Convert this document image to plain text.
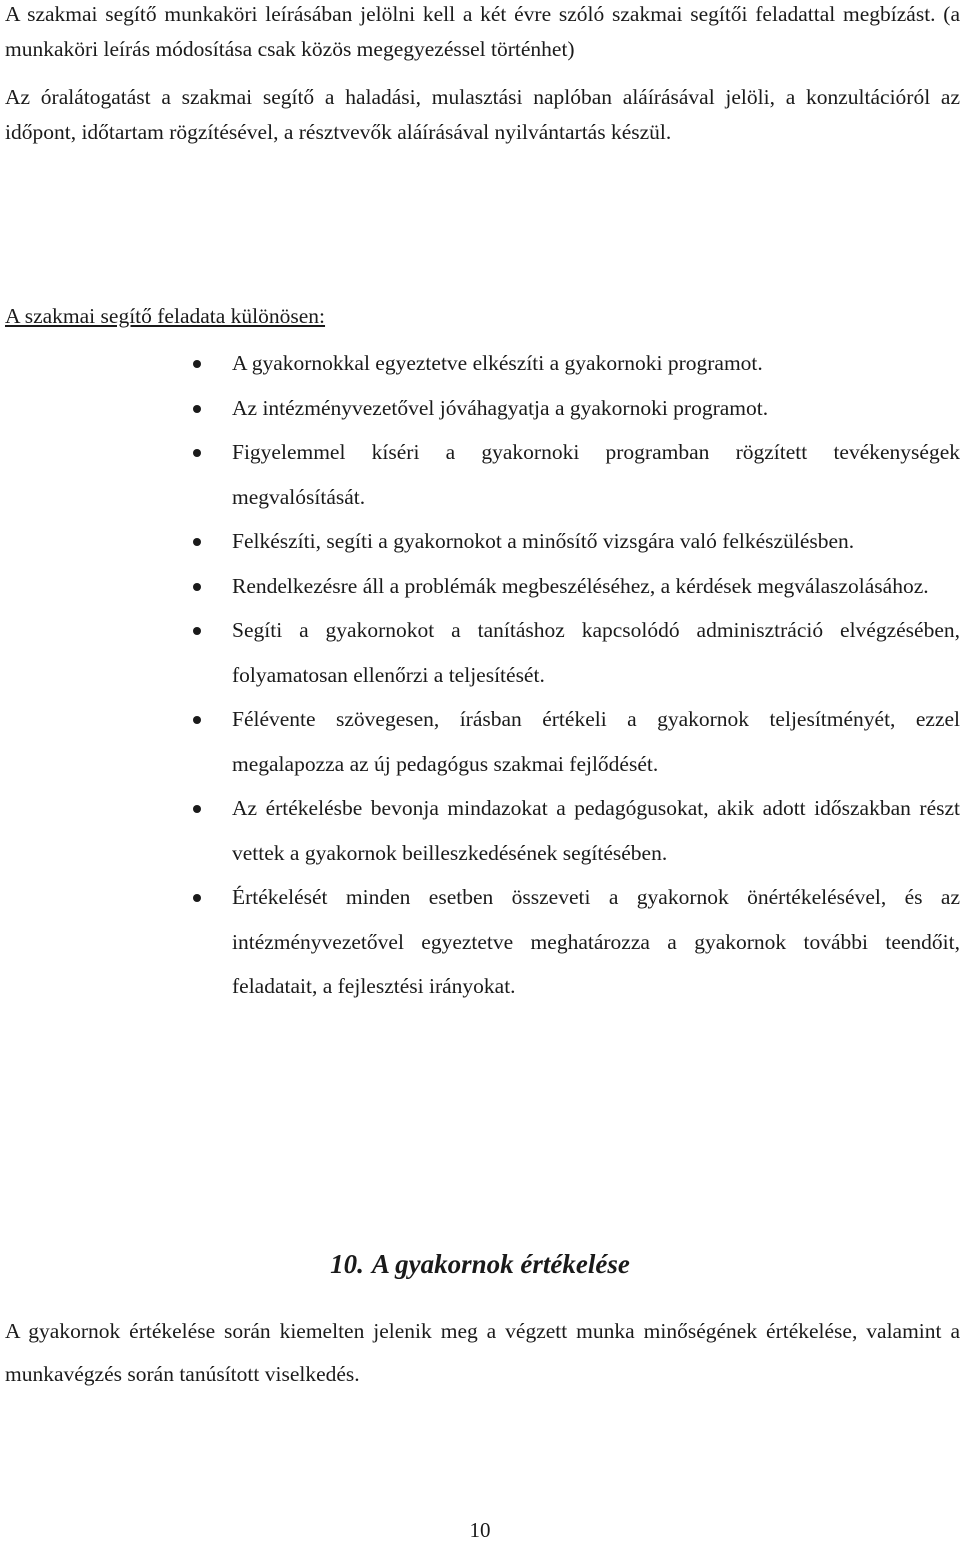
A szakmai segítő munkaköri leírásában jelölni kell a két évre szóló szakmai segítői feladattal megbízást. (a munkaköri leírás módosítása csak közös megegyezéssel történhet)

Az óralátogatást a szakmai segítő a haladási, mulasztási naplóban aláírásával jelöli, a konzultációról az időpont, időtartam rögzítésével, a résztvevők aláírásával nyilvántartás készül.

A szakmai segítő feladata különösen:

A gyakornokkal egyeztetve elkészíti a gyakornoki programot.
Az intézményvezetővel jóváhagyatja a gyakornoki programot.
Figyelemmel kíséri a gyakornoki programban rögzített tevékenységek megvalósítását.
Felkészíti, segíti a gyakornokot a minősítő vizsgára való felkészülésben.
Rendelkezésre áll a problémák megbeszéléséhez, a kérdések megválaszolásához.
Segíti a gyakornokot a tanításhoz kapcsolódó adminisztráció elvégzésében, folyamatosan ellenőrzi a teljesítését.
Félévente szövegesen, írásban értékeli a gyakornok teljesítményét, ezzel megalapozza az új pedagógus szakmai fejlődését.
Az értékelésbe bevonja mindazokat a pedagógusokat, akik adott időszakban részt vettek a gyakornok beilleszkedésének segítésében.
Értékelését minden esetben összeveti a gyakornok önértékelésével, és az intézményvezetővel egyeztetve meghatározza a gyakornok további teendőit, feladatait, a fejlesztési irányokat.
10. A gyakornok értékelése

A gyakornok értékelése során kiemelten jelenik meg a végzett munka minőségének értékelése, valamint a munkavégzés során tanúsított viselkedés.

10
